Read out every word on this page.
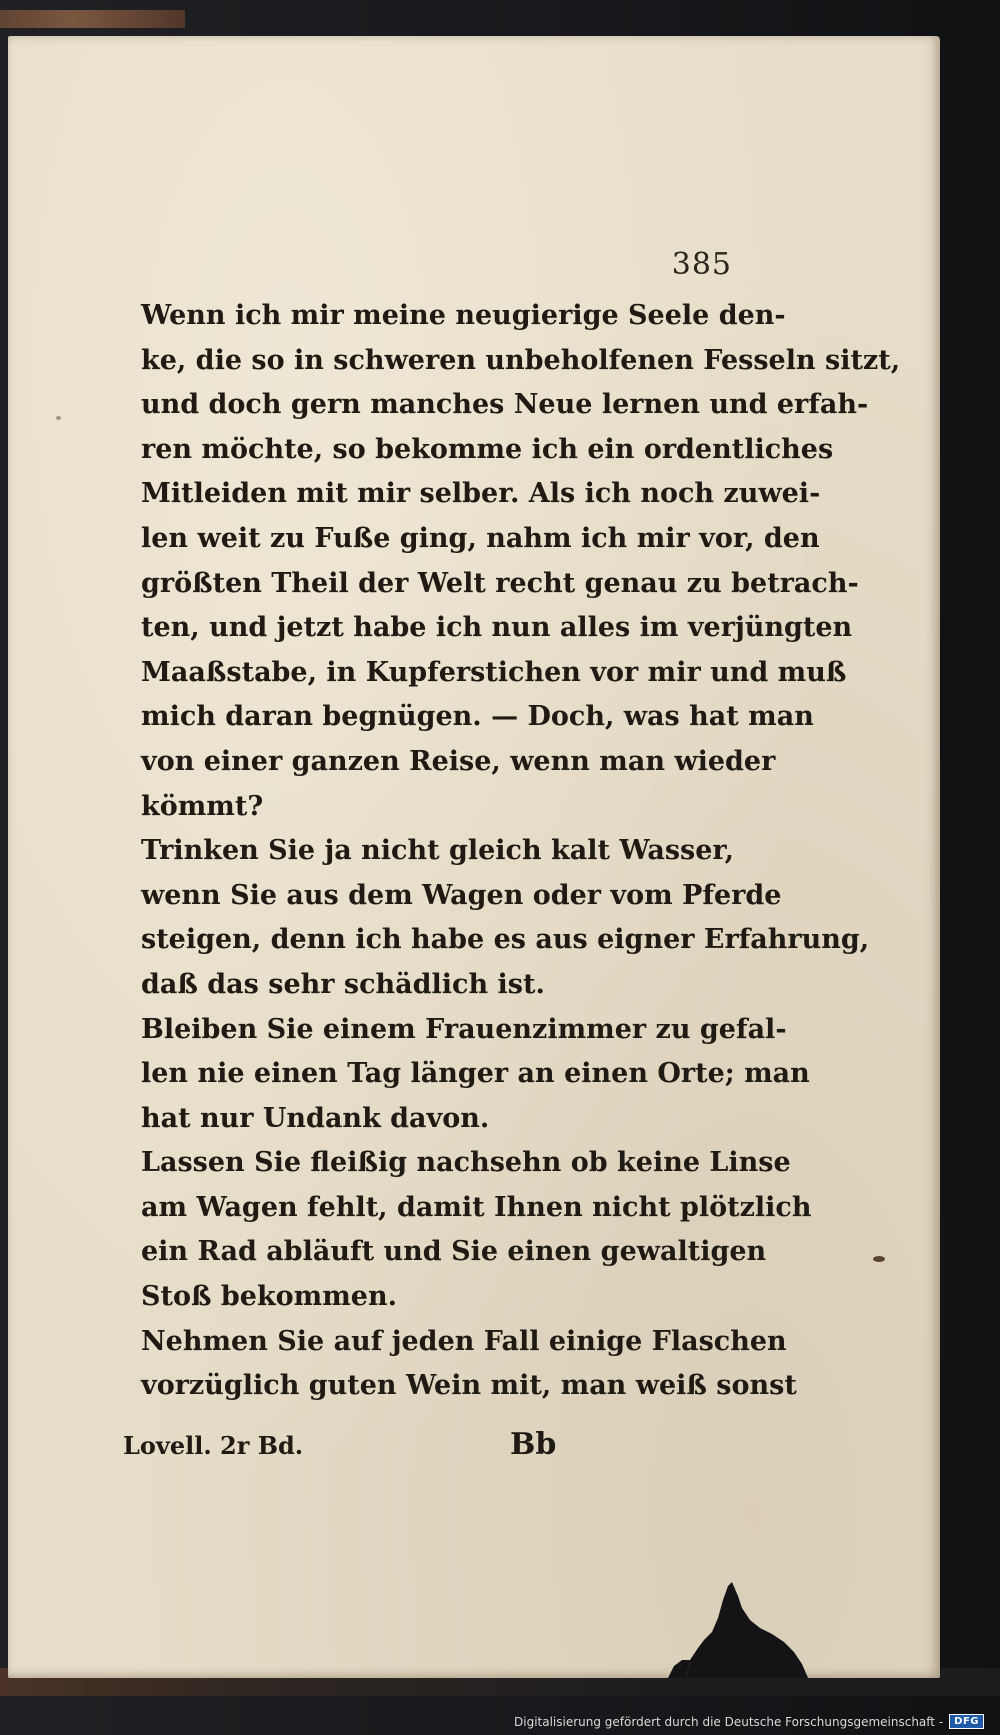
385
Wenn ich mir meine neugierige Seele den-
ke, die so in schweren unbeholfenen Fesseln sitzt,
und doch gern manches Neue lernen und erfah-
ren möchte, so bekomme ich ein ordentliches
Mitleiden mit mir selber. Als ich noch zuwei-
len weit zu Fuße ging, nahm ich mir vor, den
größten Theil der Welt recht genau zu betrach-
ten, und jetzt habe ich nun alles im verjüngten
Maaßstabe, in Kupferstichen vor mir und muß
mich daran begnügen. — Doch, was hat man
von einer ganzen Reise, wenn man wieder
kömmt?
Trinken Sie ja nicht gleich kalt Wasser,
wenn Sie aus dem Wagen oder vom Pferde
steigen, denn ich habe es aus eigner Erfahrung,
daß das sehr schädlich ist.
Bleiben Sie einem Frauenzimmer zu gefal-
len nie einen Tag länger an einen Orte; man
hat nur Undank davon.
Lassen Sie fleißig nachsehn ob keine Linse
am Wagen fehlt, damit Ihnen nicht plötzlich
ein Rad abläuft und Sie einen gewaltigen
Stoß bekommen.
Nehmen Sie auf jeden Fall einige Flaschen
vorzüglich guten Wein mit, man weiß sonst
Lovell. 2r Bd.	Bb
Digitalisierung gefördert durch die Deutsche Forschungsgemeinschaft -	DFG
